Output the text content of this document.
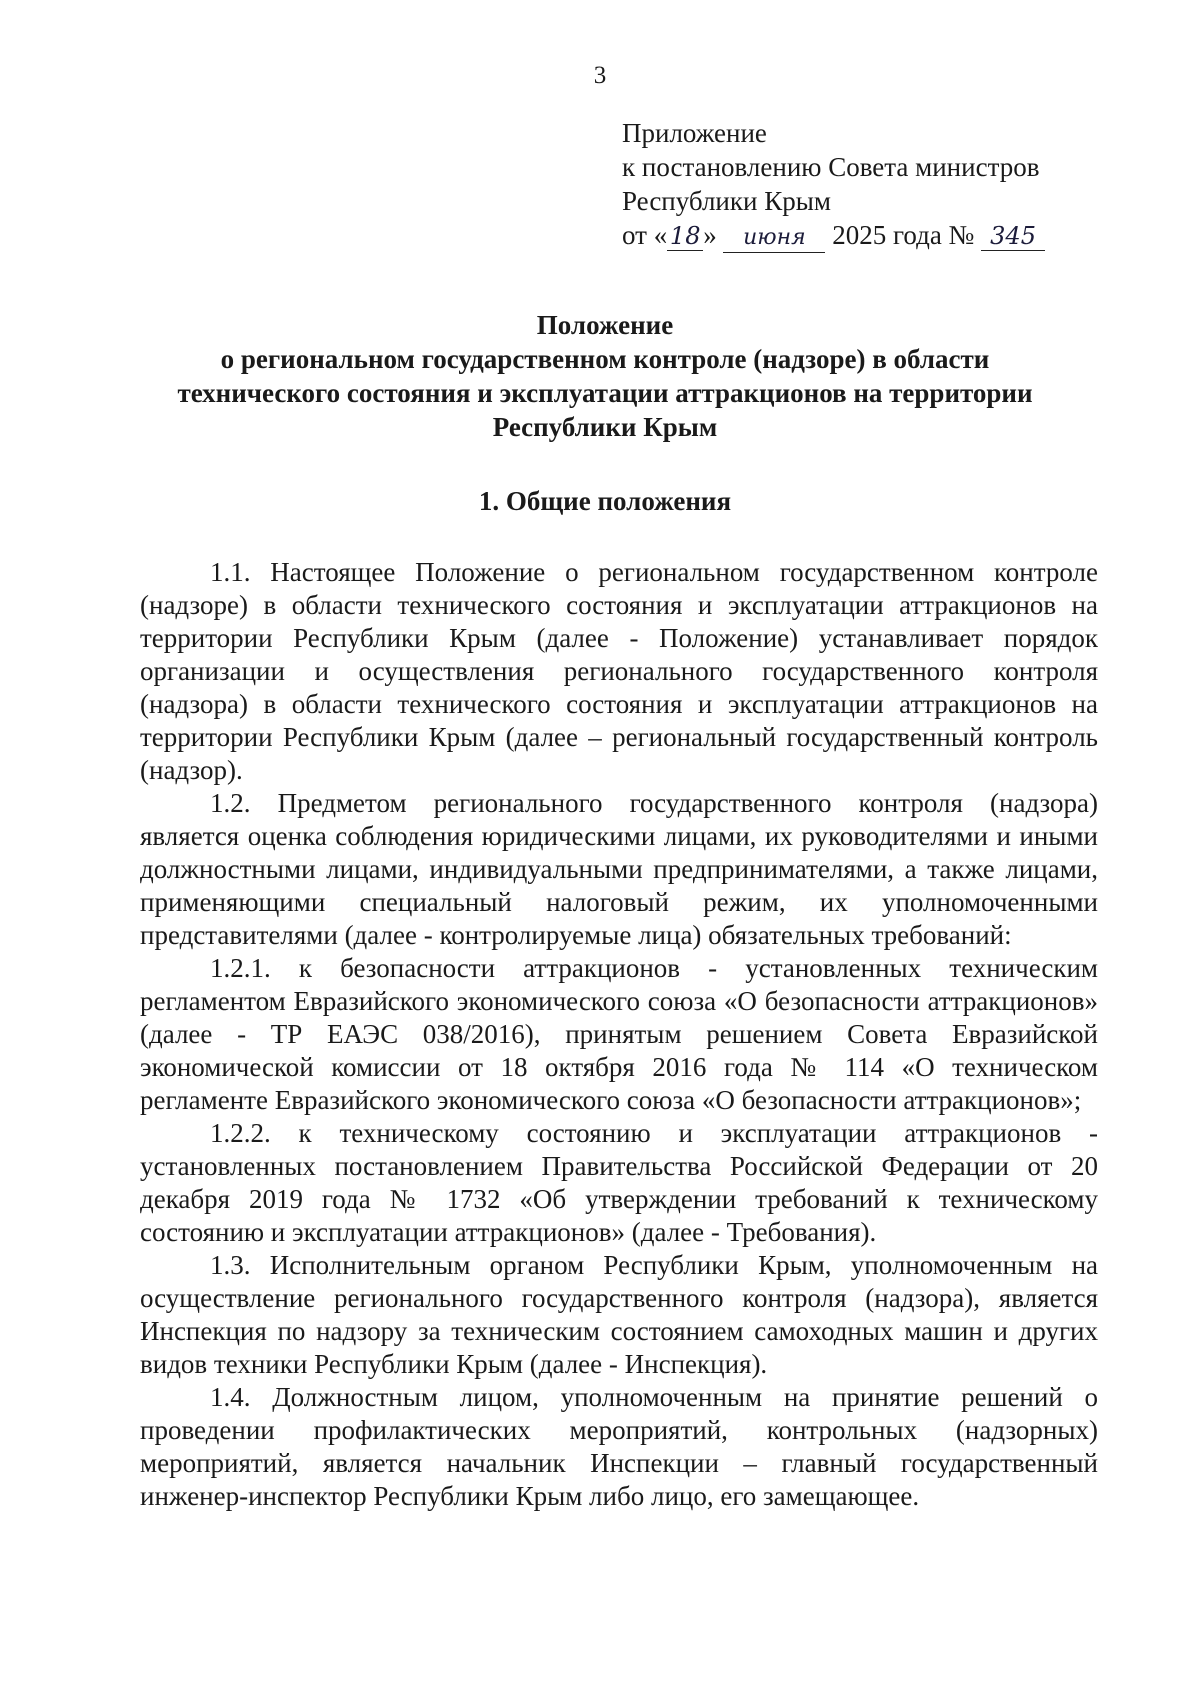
3
Приложение
к постановлению Совета министров
Республики Крым
от « 18 » июня 2025 года № 345
Положение
о региональном государственном контроле (надзоре) в области
технического состояния и эксплуатации аттракционов на территории
Республики Крым
1. Общие положения

1.1. Настоящее Положение о региональном государственном контроле (надзоре) в области технического состояния и эксплуатации аттракционов на территории Республики Крым (далее - Положение) устанавливает порядок организации и осуществления регионального государственного контроля (надзора) в области технического состояния и эксплуатации аттракционов на территории Республики Крым (далее – региональный государственный контроль (надзор).

1.2. Предметом регионального государственного контроля (надзора) является оценка соблюдения юридическими лицами, их руководителями и иными должностными лицами, индивидуальными предпринимателями, а также лицами, применяющими специальный налоговый режим, их уполномоченными представителями (далее - контролируемые лица) обязательных требований:

1.2.1. к безопасности аттракционов - установленных техническим регламентом Евразийского экономического союза «О безопасности аттракционов» (далее - ТР ЕАЭС 038/2016), принятым решением Совета Евразийской экономической комиссии от 18 октября 2016 года № 114 «О техническом регламенте Евразийского экономического союза «О безопасности аттракционов»;

1.2.2. к техническому состоянию и эксплуатации аттракционов - установленных постановлением Правительства Российской Федерации от 20 декабря 2019 года № 1732 «Об утверждении требований к техническому состоянию и эксплуатации аттракционов» (далее - Требования).

1.3. Исполнительным органом Республики Крым, уполномоченным на осуществление регионального государственного контроля (надзора), является Инспекция по надзору за техническим состоянием самоходных машин и других видов техники Республики Крым (далее - Инспекция).

1.4. Должностным лицом, уполномоченным на принятие решений о проведении профилактических мероприятий, контрольных (надзорных) мероприятий, является начальник Инспекции – главный государственный инженер-инспектор Республики Крым либо лицо, его замещающее.
